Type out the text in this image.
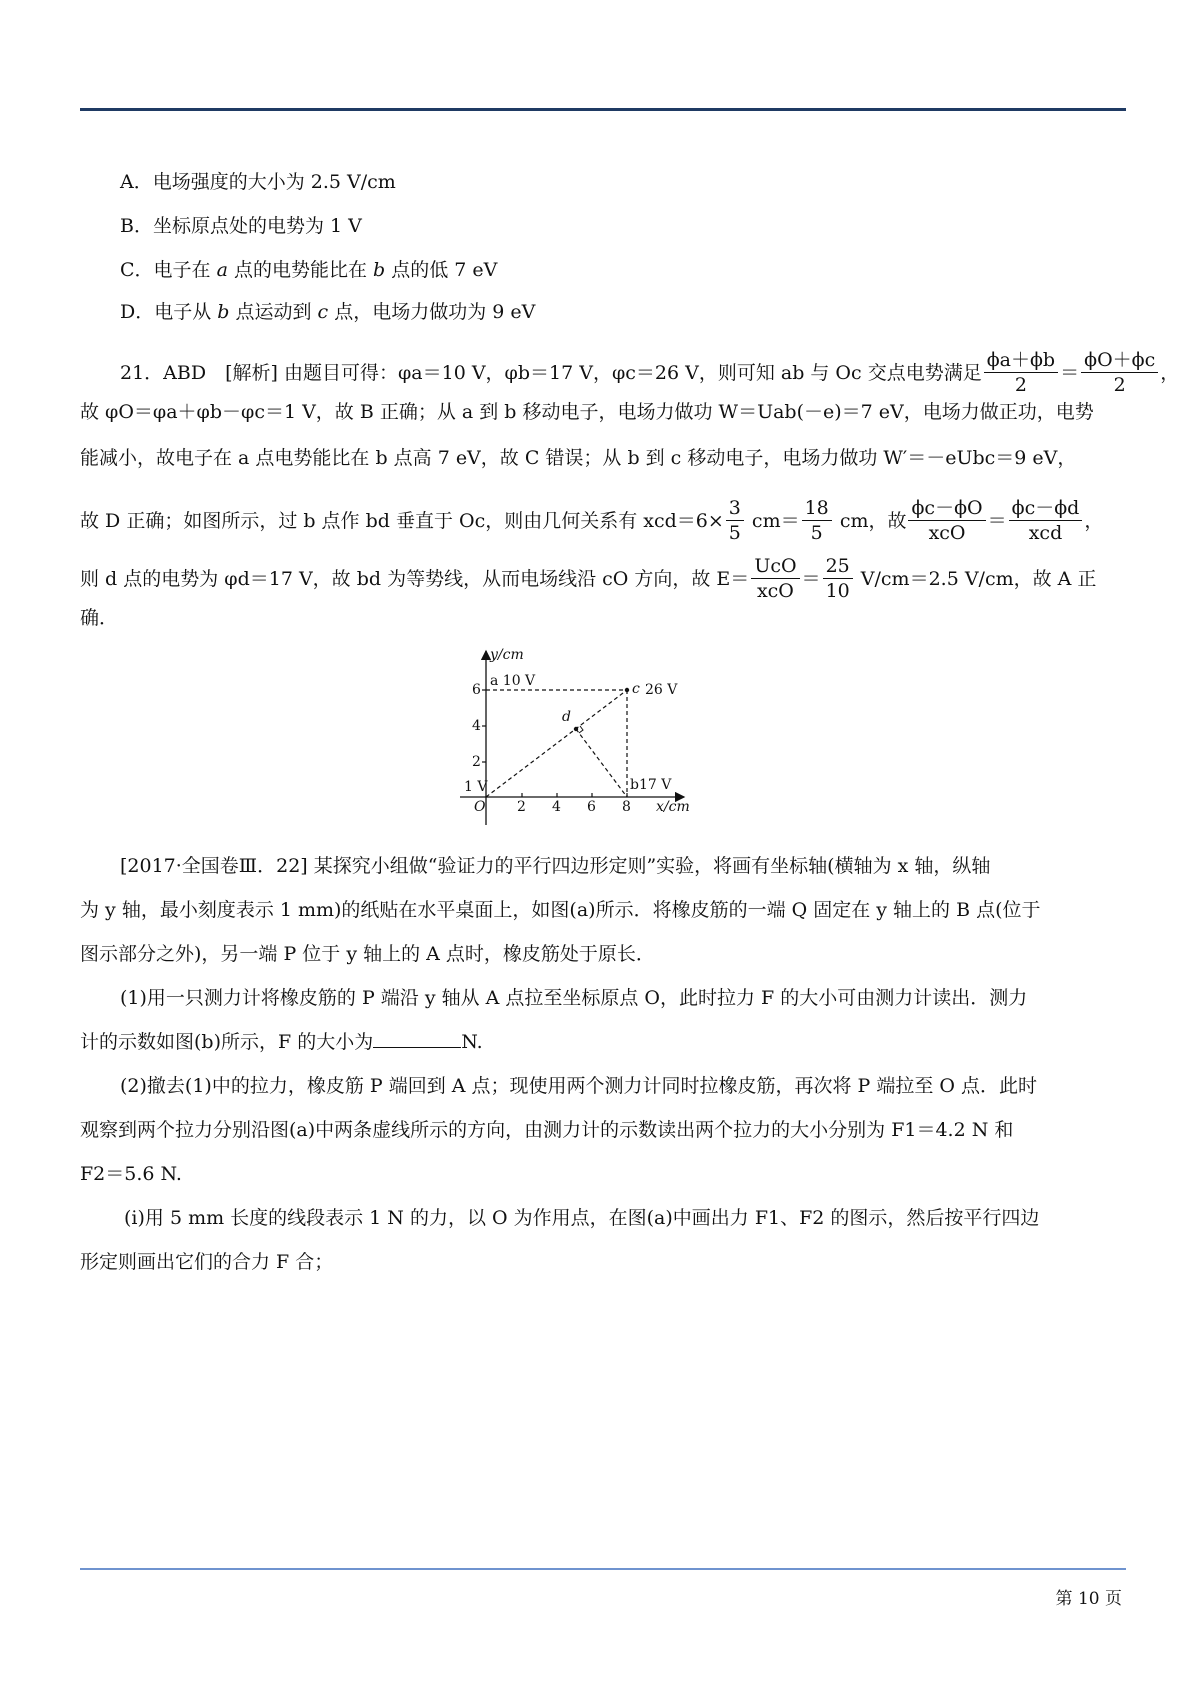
A．电场强度的大小为 2.5 V/cm
B．坐标原点处的电势为 1 V
C．电子在 a 点的电势能比在 b 点的低 7 eV
D．电子从 b 点运动到 c 点，电场力做功为 9 eV
21．ABD　[解析] 由题目可得：φa＝10 V，φb＝17 V，φc＝26 V，则可知 ab 与 Oc 交点电势满足 $\frac{\phi a+\phi b}{2} = \frac{\phi O+\phi c}{2}$ ，
故 φO＝φa＋φb－φc＝1 V，故 B 正确；从 a 到 b 移动电子，电场力做功 W＝Uab(－e)＝7 eV，电场力做正功，电势
能减小，故电子在 a 点电势能比在 b 点高 7 eV，故 C 错误；从 b 到 c 移动电子，电场力做功 W′＝－eUbc＝9 eV，
故 D 正确；如图所示，过 b 点作 bd 垂直于 Oc，则由几何关系有 $xcd=6\times \frac{3}{5} cm= \frac{18}{5}$ cm，故 $\frac{\phi c-\phi O}{\text{xcO}} = \frac{\phi c-\phi d}{\text{xcd}}$ ，
则 d 点的电势为 φd＝17 V，故 bd 为等势线，从而电场线沿 cO 方向，故 $E= \frac{\text{UcO}}{\text{xcO}} = \frac{25}{10} V/cm=2.5$ V/cm，故 A 正
确．
y/cm
x/cm
O
6
4
2
2 4 6 8
a 10 V	c 26 V
d
b17 V
1 V
[2017·全国卷Ⅲ．22] 某探究小组做“验证力的平行四边形定则”实验，将画有坐标轴(横轴为 x 轴，纵轴
为 y 轴，最小刻度表示 1 mm)的纸贴在水平桌面上，如图(a)所示．将橡皮筋的一端 Q 固定在 y 轴上的 B 点(位于
图示部分之外)，另一端 P 位于 y 轴上的 A 点时，橡皮筋处于原长．
(1)用一只测力计将橡皮筋的 P 端沿 y 轴从 A 点拉至坐标原点 O，此时拉力 F 的大小可由测力计读出．测力
计的示数如图(b)所示，F 的大小为	N.
(2)撤去(1)中的拉力，橡皮筋 P 端回到 A 点；现使用两个测力计同时拉橡皮筋，再次将 P 端拉至 O 点．此时
观察到两个拉力分别沿图(a)中两条虚线所示的方向，由测力计的示数读出两个拉力的大小分别为 F1＝4.2 N 和
F2＝5.6 N.
(ⅰ)用 5 mm 长度的线段表示 1 N 的力，以 O 为作用点，在图(a)中画出力 F1、F2 的图示，然后按平行四边
形定则画出它们的合力 F 合；
第 10 页
